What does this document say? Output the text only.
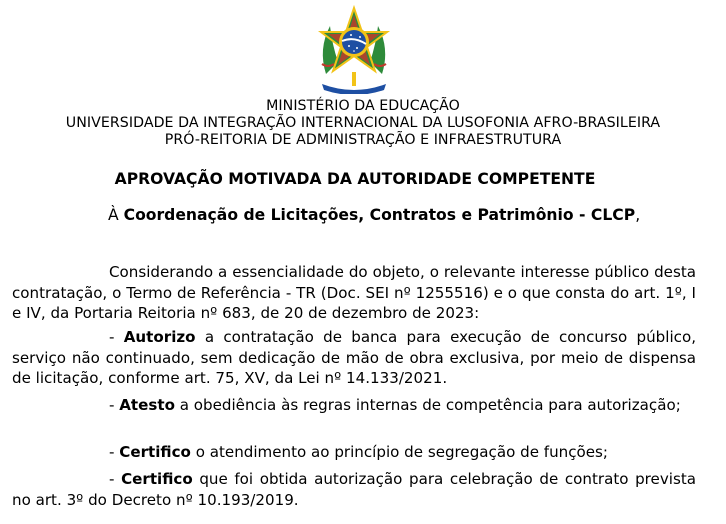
MINISTÉRIO DA EDUCAÇÃO
UNIVERSIDADE DA INTEGRAÇÃO INTERNACIONAL DA LUSOFONIA AFRO-BRASILEIRA
PRÓ-REITORIA DE ADMINISTRAÇÃO E INFRAESTRUTURA
APROVAÇÃO MOTIVADA DA AUTORIDADE COMPETENTE
À Coordenação de Licitações, Contratos e Patrimônio - CLCP,
Considerando a essencialidade do objeto, o relevante interesse público desta contratação, o Termo de Referência - TR (Doc. SEI nº 1255516) e o que consta do art. 1º, I e IV, da Portaria Reitoria nº 683, de 20 de dezembro de 2023:
- Autorizo a contratação de banca para execução de concurso público, serviço não continuado, sem dedicação de mão de obra exclusiva, por meio de dispensa de licitação, conforme art. 75, XV, da Lei nº 14.133/2021.
- Atesto a obediência às regras internas de competência para autorização;
- Certifico o atendimento ao princípio de segregação de funções;
- Certifico que foi obtida autorização para celebração de contrato prevista no art. 3º do Decreto nº 10.193/2019.
